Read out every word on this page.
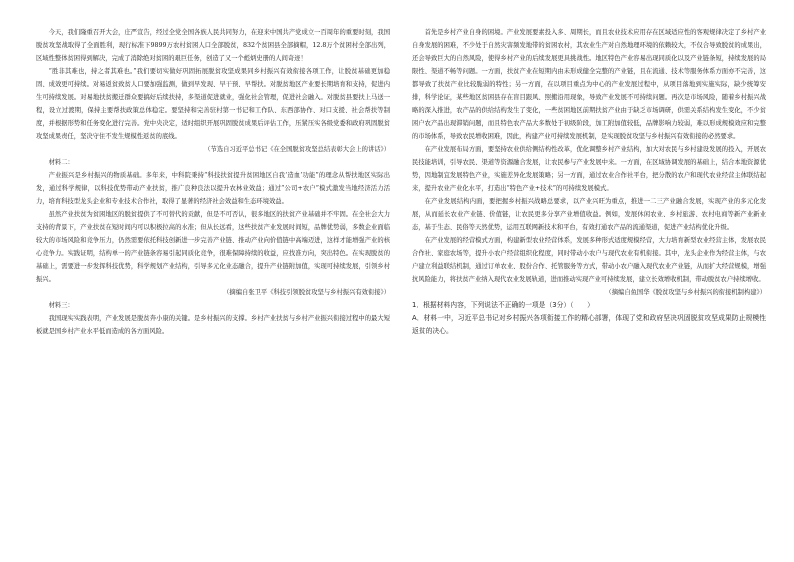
今天，我们隆重召开大会，庄严宣告，经过全党全国各族人民共同努力，在迎来中国共产党成立一百周年的重要时刻，我国脱贫攻坚战取得了全面胜利，现行标准下9899万农村贫困人口全部脱贫，832个贫困县全部摘帽，12.8万个贫困村全部出列，区域性整体贫困得到解决，完成了消除绝对贫困的艰巨任务，创造了又一个彪炳史册的人间奇迹！

“胜非其难也，持之者其难也。”我们要切实做好巩固拓展脱贫攻坚成果同乡村振兴有效衔接各项工作，让脱贫基础更加稳固、成效更可持续。对易返贫致贫人口要加强监测，做到早发现、早干预、早帮扶。对脱贫地区产业要长期培育和支持，促进内生可持续发展。对易地扶贫搬迁群众要搞好后续扶持，多渠道促进就业，强化社会管理，促进社会融入。对脱贫县要扶上马送一程，设立过渡期，保持主要帮扶政策总体稳定。要坚持和完善驻村第一书记和工作队、东西部协作、对口支援、社会帮扶等制度，并根据形势和任务变化进行完善。党中央决定，适时组织开展巩固脱贫成果后评估工作，压紧压实各级党委和政府巩固脱贫攻坚成果责任，坚决守住不发生规模性返贫的底线。

（节选自习近平总书记《在全国脱贫攻坚总结表彰大会上的讲话》）

材料二：

产业振兴是乡村振兴的物质基础。多年来，中科院秉持“科技扶贫提升贫困地区自我‘造血’功能”的理念从帮扶地区实际出发，通过科学规律，以科技优势带动产业扶贫，推广良种良法以提升农林业效益；通过“公司+农户”模式激发当地经济活力活力，培育科技型龙头企业和专业技术合作社，取得了显著的经济社会效益和生态环境效益。

虽然产业扶贫为贫困地区的脱贫提供了不可替代的贡献，但是不可否认，很多地区的扶贫产业基础并不牢固。在全社会大力支持的背景下，产业扶贫在短时间内可以积极拉高的水准；但从长远看，这些扶贫产业发展时间短，品牌优势弱，多数企业面临较大的市场风险和竞争压力，仍然需要依托科技创新进一步完善产业链、推动产业向价值链中高端迈进，这样才能增强产业的核心竞争力。实践证明，结构单一的产业链条容易引起同质化竞争，很难保障持续的收益，应找准方向，突出特色。在实现脱贫的基础上，需要进一步发挥科技优势，科学规划产业结构，引导多元化业态融合，提升产业链附加值，实现可持续发展，引领乡村振兴。

（摘编自张卫平《科技引领脱贫攻坚与乡村振兴有效衔接》）

材料三：

我国现实实践表明，产业发展是脱贫奔小康的关键。是乡村振兴的支撑。乡村产业扶贫与乡村产业振兴衔接过程中的最大短板就是国乡村产业水平低而造成的各方面风险。

首先是乡村产业自身的困境。产业发展要素投入多、周期长，而且农业技术应用存在区域适应性的客观规律决定了乡村产业自身发展的困难，不少处于自然灾害频发地带的贫困农村，其农业生产对自然地理环境的依赖较大，不仅合导致脱贫的成果出，还会导致巨大的自然风险，使得乡村产业的后续发展更具挑战性。地区特色产业容易出现同质化以及产业链条短，持续发展的局限性、渠道不畅等问题。一方面，扶贫产业在短期内由未形成健全完整的产业链，且在流通、技术等服务体系方面亦不完善，这都导致了扶贫产业比较脆弱的特性；另一方面，在以项目重点为中心的产业发展过程中，从项目落地到实施实际，缺少统筹安排，科学论证，某些地区贫困县存在盲目跟风、照搬沿用现象，导致产业发展不可持续问题。再次是市场风险，随着乡村振兴战略的深入推进，农产品的供给结构发生了变化，一些贫困地区前期扶贫产业由于缺乏市场调研，供需关系结构发生变化，不少贫困户农产品出现滞销问题，而且特色农产品大多数处于初级阶段，加工附加值较低，品牌影响力较弱，难以形成规模效应和完整的市场体系，导致农民增收困难，因此，构建产业可持续发展机制，是实现脱贫攻坚与乡村振兴有效衔接的必然要求。

在产业发展布局方面，要坚持农业供给侧结构性改革，优化调整乡村产业结构，加大对农民与乡村建设发展的投入，开展农民技能培训，引导农民、渠道等资源融合发展，让农民参与产业发展中来。一方面，在区域协调发展的基础上，结合本地资源优势，因地制宜发展特色产业，实施差异化发展策略；另一方面，通过农业合作社平台，把分散的农户和现代农业经营主体联结起来，提升农业产业化水平，打造出“特色产业+技术”的可持续发展模式。

在产业发展结构内面，要把握乡村振兴战略总要求，以产业兴旺为重点，推进一二三产业融合发展，实现产业的多元化发展，从而延长农业产业链、价值链，让农民更多分享产业增值收益。例如，发展休闲农业、乡村旅游、农村电商等新产业新业态，基于生态、民俗等天然优势，运用互联网新技术和平台，有效打通农产品的流通渠道，促进产业结构优化升级。

在产业发展的经营模式方面，构建新型农业经营体系，发展多种形式适度规模经营，大力培育新型农业经营主体，发展农民合作社、家庭农场等，提升小农户经营组织化程度，同时带动小农户与现代农业有机衔接。其中，龙头企业作为经营主体，与农户建立利益联结机制，通过订单农业、股份合作、托管服务等方式，带动小农户融入现代农业产业链，从而扩大经营规模，增强抗风险能力，将扶贫产业纳入现代农业发展轨道，进而推动实现产业可持续发展，建立长效增收机制，带动脱贫农户持续增收。

（摘编自鱼国华《脱贫攻坚与乡村振兴的衔接机制构建》）

1．根据材料内容，下列说法不正确的一项是（3分）（　　）

A．材料一中，习近平总书记对乡村振兴各项衔接工作的精心部署，体现了党和政府坚决巩固脱贫攻坚成果防止规模性返贫的决心。
